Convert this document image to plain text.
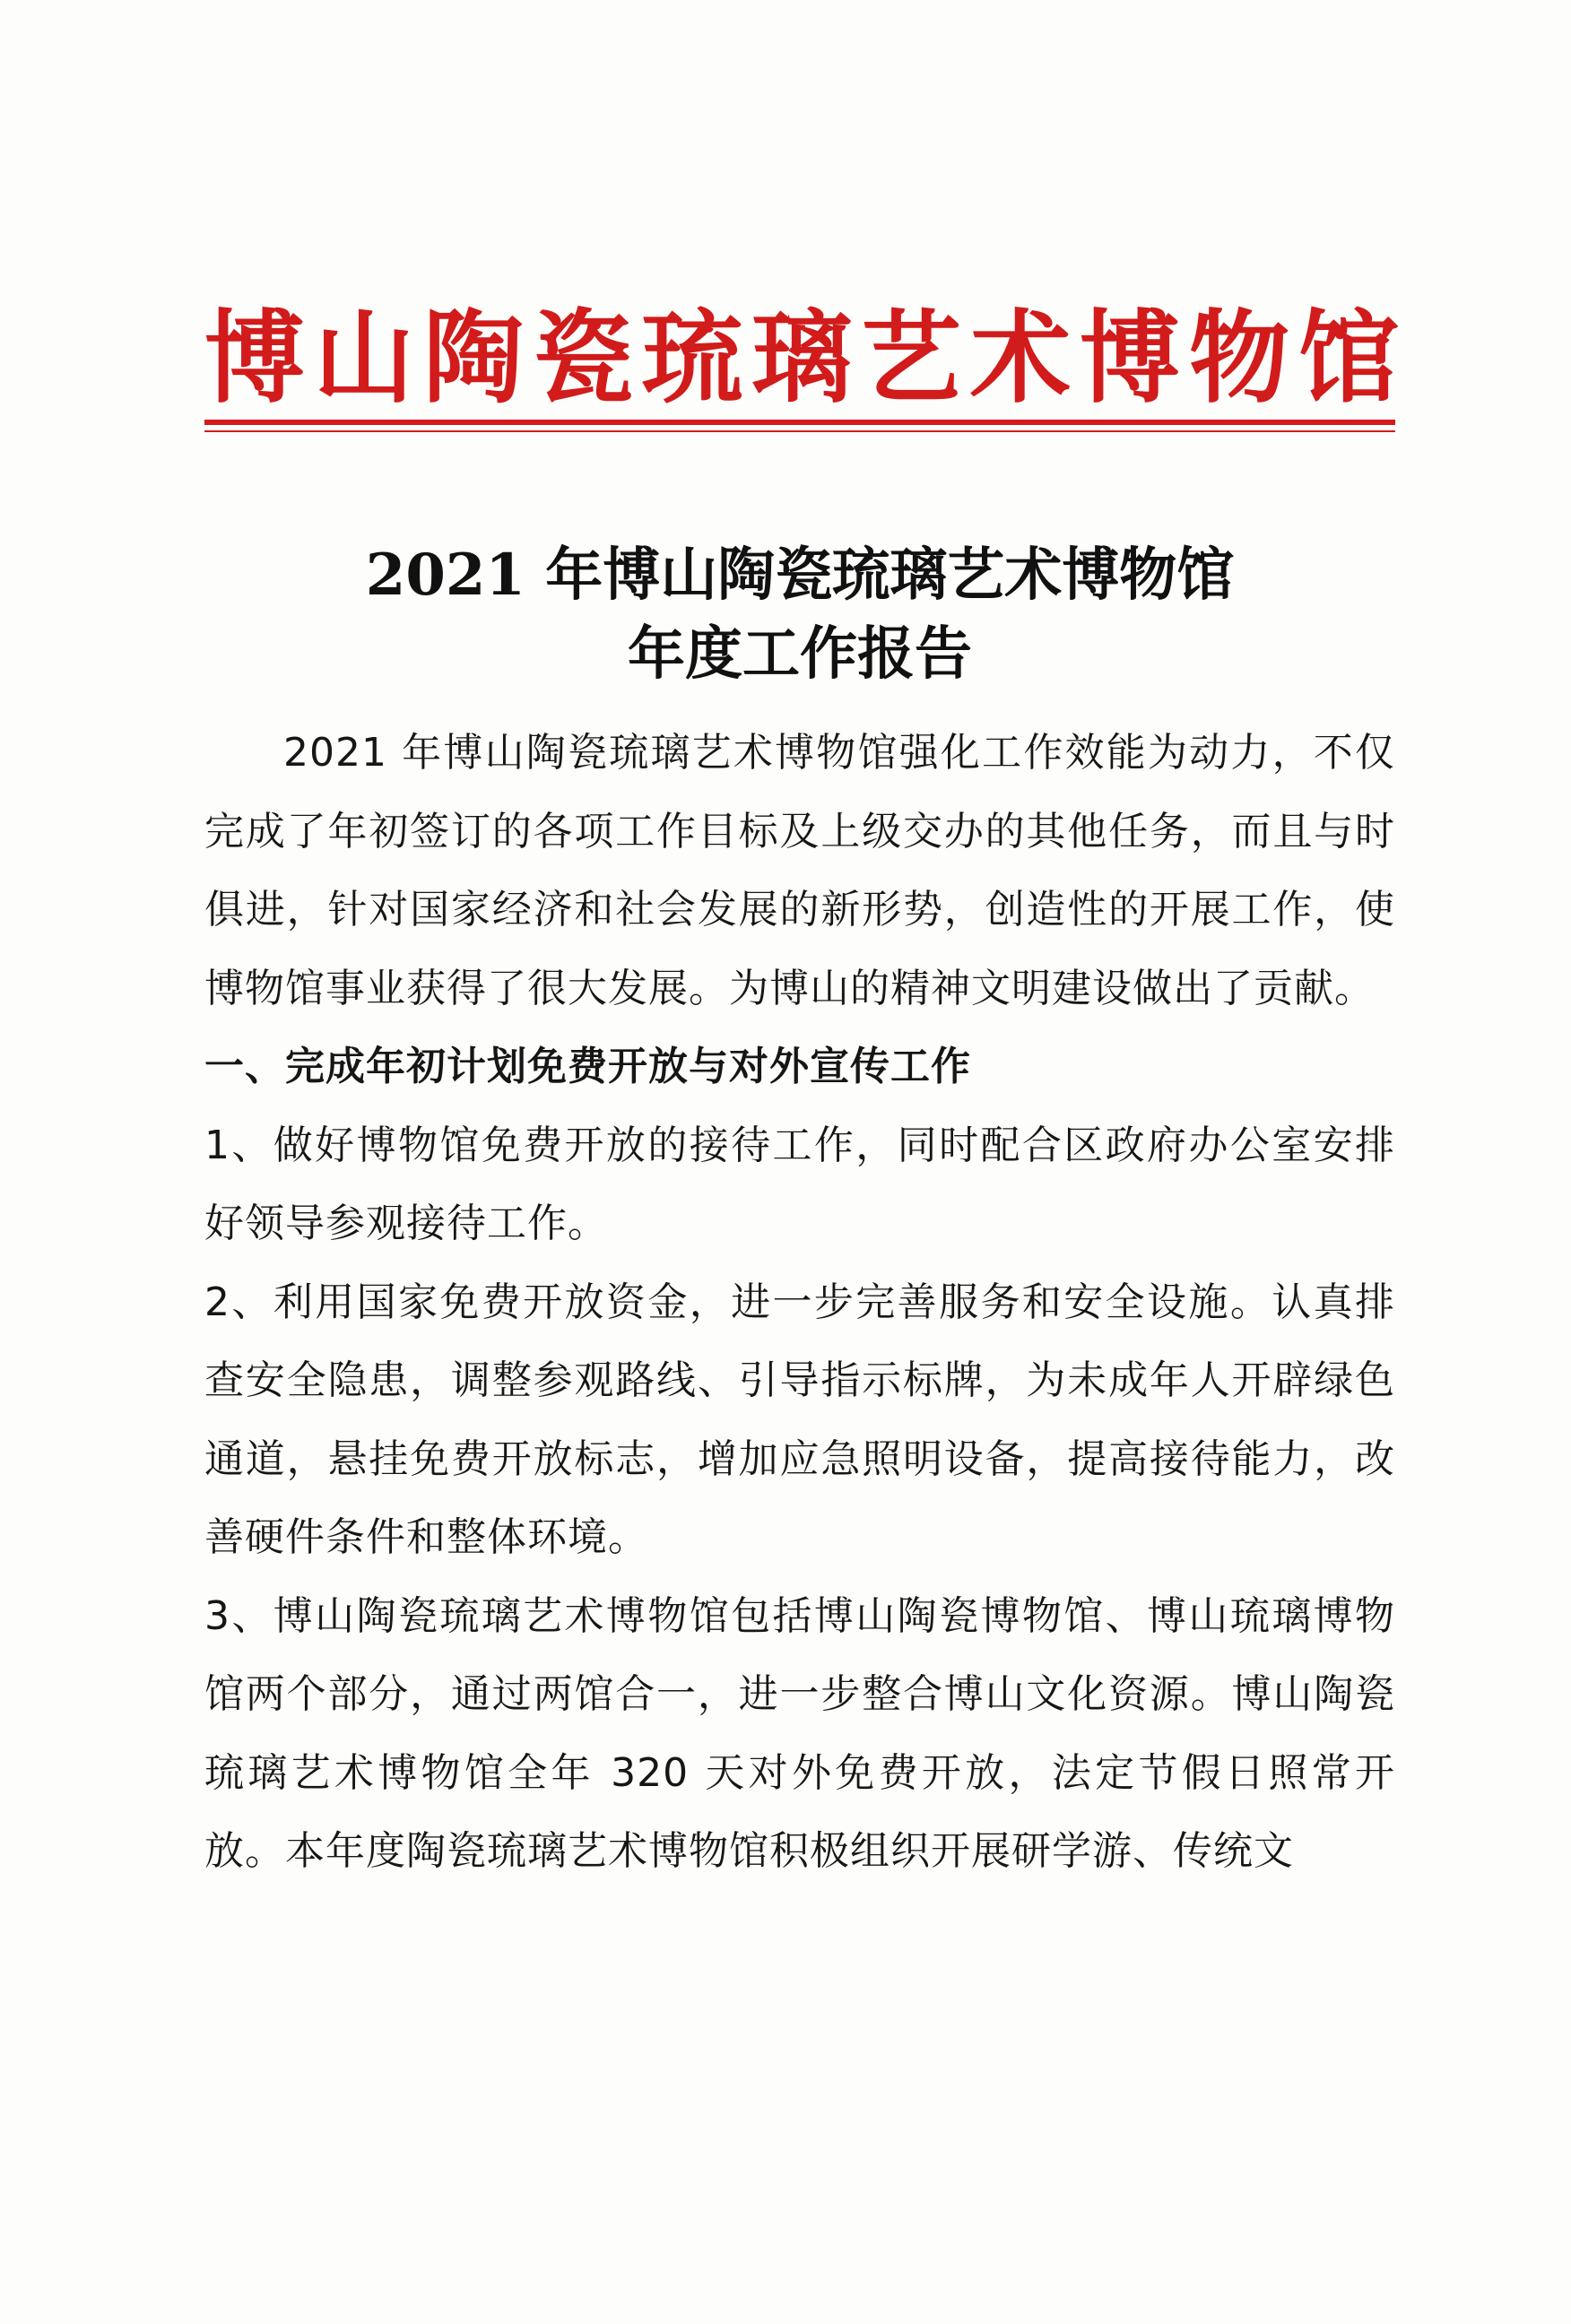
博山陶瓷琉璃艺术博物馆
2021 年博山陶瓷琉璃艺术博物馆
年度工作报告

2021 年博山陶瓷琉璃艺术博物馆强化工作效能为动力，不仅完成了年初签订的各项工作目标及上级交办的其他任务，而且与时俱进，针对国家经济和社会发展的新形势，创造性的开展工作，使博物馆事业获得了很大发展。为博山的精神文明建设做出了贡献。

一、完成年初计划免费开放与对外宣传工作

1、做好博物馆免费开放的接待工作，同时配合区政府办公室安排好领导参观接待工作。

2、利用国家免费开放资金，进一步完善服务和安全设施。认真排查安全隐患，调整参观路线、引导指示标牌，为未成年人开辟绿色通道，悬挂免费开放标志，增加应急照明设备，提高接待能力，改善硬件条件和整体环境。

3、博山陶瓷琉璃艺术博物馆包括博山陶瓷博物馆、博山琉璃博物馆两个部分，通过两馆合一，进一步整合博山文化资源。博山陶瓷琉璃艺术博物馆全年 320 天对外免费开放，法定节假日照常开放。本年度陶瓷琉璃艺术博物馆积极组织开展研学游、传统文
